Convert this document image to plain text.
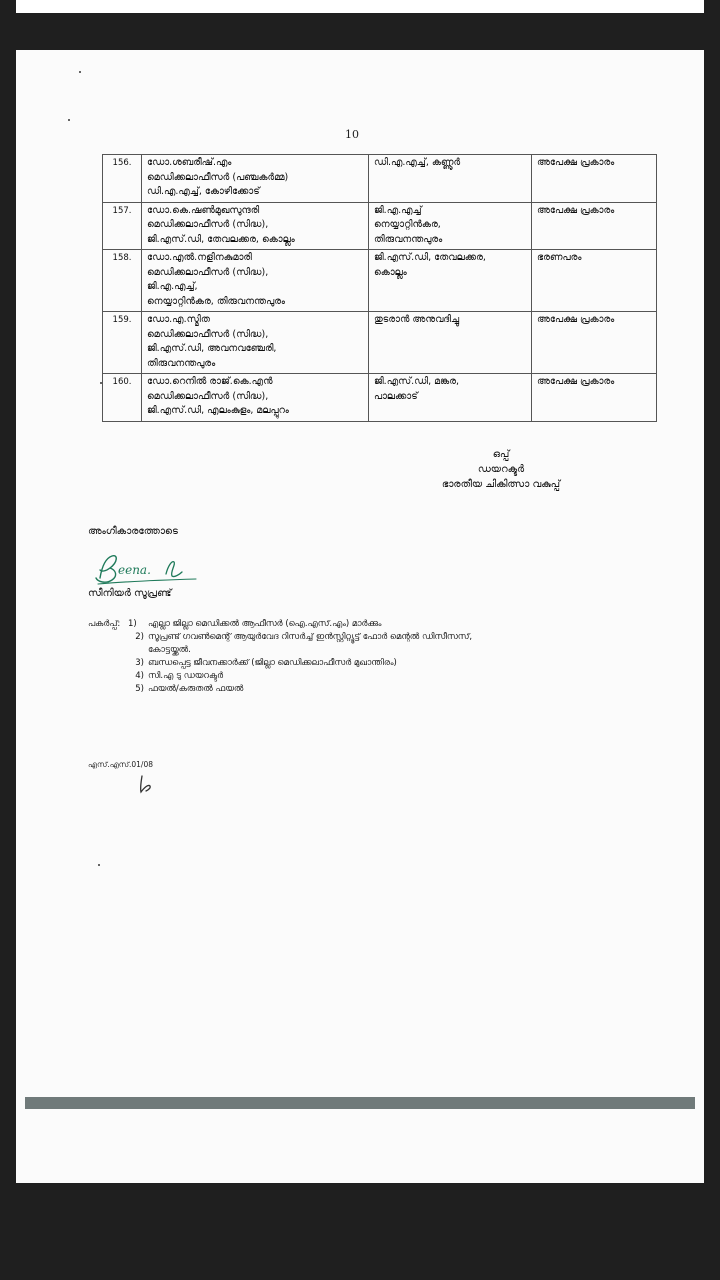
10
156.	ഡോ.ശബരീഷ്.എം
മെഡിക്കലാഫീസർ (പഞ്ചകർമ്മ)
ഡി.എ.എച്ച്, കോഴിക്കോട്	ഡി.എ.എച്ച്, കണ്ണൂർ	അപേക്ഷ പ്രകാരം
157.	ഡോ.കെ.ഷൺമുഖസുന്ദരി
മെഡിക്കലാഫീസർ (സിദ്ധ),
ജി.എസ്.ഡി, തേവലക്കര, കൊല്ലം	ജി.എ.എച്ച്
നെയ്യാറ്റിൻകര,
തിരുവനന്തപുരം	അപേക്ഷ പ്രകാരം
158.	ഡോ.എൽ.നളിനകുമാരി
മെഡിക്കലാഫീസർ (സിദ്ധ),
ജി.എ.എച്ച്,
നെയ്യാറ്റിൻകര, തിരുവനന്തപുരം	ജി.എസ്.ഡി, തേവലക്കര,
കൊല്ലം	ഭരണപരം
159.	ഡോ.എ.സ്മിത
മെഡിക്കലാഫീസർ (സിദ്ധ),
ജി.എസ്.ഡി, അവനവഞ്ചേരി,
തിരുവനന്തപുരം	തുടരാൻ അനുവദിച്ചു	അപേക്ഷ പ്രകാരം
160.	ഡോ.റെനിൽ രാജ്.കെ.എൻ
മെഡിക്കലാഫീസർ (സിദ്ധ),
ജി.എസ്.ഡി, എലംകുളം, മലപ്പുറം	ജി.എസ്.ഡി, മങ്കര,
പാലക്കാട്	അപേക്ഷ പ്രകാരം
ഒപ്പ്
ഡയറക്ടർ
ഭാരതീയ ചികിത്സാ വകുപ്പ്
അംഗീകാരത്തോടെ
eena.
സീനിയർ സൂപ്രണ്ട്
പകർപ്പ്: 1) എല്ലാ ജില്ലാ മെഡിക്കൽ ആഫീസർ (ഐ.എസ്.എം) മാർക്കും
2) സൂപ്രണ്ട് ഗവൺമെന്റ് ആയുർവേദ റിസർച്ച് ഇൻസ്റ്റിറ്റ്യൂട്ട് ഫോർ മെന്റൽ ഡിസീസസ്,
കോട്ടയ്ക്കൽ.
3) ബന്ധപ്പെട്ട ജീവനക്കാർക്ക് (ജില്ലാ മെഡിക്കലാഫീസർ മുഖാന്തിരം)
4) സി.എ ടു ഡയറക്ടർ
5) ഫയൽ/കരുതൽ ഫയൽ
എസ്.എസ്.01/08
